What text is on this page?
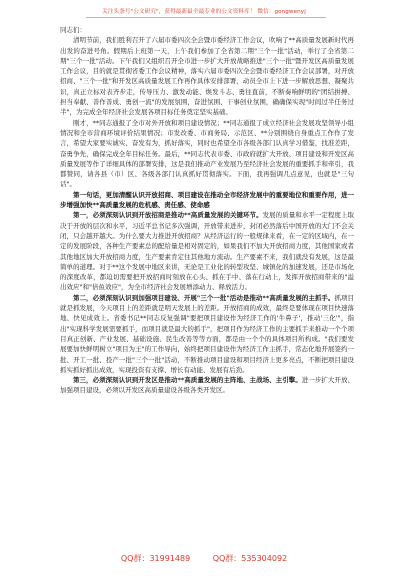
关注头条号"公文研究"，获得最新最全最专业的公文资料库！ 微信：gongwenyj

同志们：

清明节前，我们胜利召开了六届市委四次全会暨市委经济工作会议，吹响了**高质量发展新时代再出发的奋进号角。假期后上班第一天，上午我们参加了全省第二期"三个一批"活动，举行了全省第二期"三个一批"活动。下午我们又组织召开全市进一步扩大开放战略推进"三个一批"暨开发区高质量发展工作会议，目的就是贯彻省委工作会议精神，落实六届市委四次全会暨市委经济工作会议部署，对开放招商、"三个一批"和开发区高质量发展工作再作具体安排部署，动员全市上下进一步解放思想、凝聚共识，真正立标对表齐步走，传导压力、激发动能、焕发斗志、勇往直前，不断奏响鲜明的"团结拼搏、担当奉献、善作善成、勇创一流"的发展氛围，奋进氛围、干事创业氛围，确确保实现"时间过半任务过半"，为完成全年经济社会发展各项目标任务奠定坚实基础。

刚才，**同志通报了全市对外开放和项目建设情况；**同志通报了成立经济社会发展攻坚领导小组情况和全市营商环境评价结果情况；市发改委、市商务局、示范区、**分别围绕自身重点工作作了发言，希望大家要实诚实、奋发有为，抓好落实，同时也希望全市各级各部门认真学习借鉴，找准差距，奋勇争先，确保完成全年目标任务。最后，**同志代表市委、市政府就扩大开放、项目建设和开发区高质量发展等作了详细具体的部署安排，这是我们推动产业发展乃至经济社会发展的重要抓手和牵引，我都赞同，请各县（市）区、各级各部门认真抓好贯彻落实。下面，我再强调几点意见，也就是"三句话"。

第一句话，更加清醒认识开放招商、项目建设在推动全市经济发展中的重要地位和重要作用，进一步增强加快**高质量发展的危机感、责任感、使命感

第一，必须深刻认识到开放招商是推动**高质量发展的关键环节。发展的质量和水平一定程度上取决于开放的层次和水平，习近平总书记多次强调，开放带来进步，封闭必然落后中国开放的大门不会关闭，只会越开越大。为什么要大力推进开放招商？从经济运行的一般规律来看，在一定的区域内，在一定的发展阶段，各种生产要素总的配给量是相对固定的，如果我们不加大开放招商力度，其他国家或者其他地区加大开放招商力度，生产要素肯定往其他地方流动。生产要素不来，我们就没有发展，这是最简单的道理。对于**这个发展中地区来讲，无论是工业化的转型攻坚、城镇化的加速发展，还是市场化的深度改革，都迫切需要把开放招商时刻放在心头、抓在手中、落在行动上，发挥开放招商带来的"溢出效应"和"倍鱼效应"，为全市经济社会发展增添动力、释放活力。

第二，必须深刻认识到加强项目建设、开展"三个一批"活动是推动**高质量发展的主抓手。抓项目就是抓发展，今天项目上的差距就是明天发展上的差距。开放招商的成效，最终是要体现在项目快速落地、快见成效上。省委书记**同志反复强调"要把项目建设作为经济工作的'牛鼻子'，推动'三化'"，指出"实现科学发展需要抓手，而项目就是最大的抓手"，把项目作为经济工作的主要抓手来推动一个个项目真正创新、产业发展、基础设施、民生改善等等方面，都是由一个个的具体项目所构成。"我们要发展要加快鲜明树立"项目为王"的工作导向，始终把项目建设作为经济工作主抓手，常态化地开展签约一批、开工一批、投产一批"三个一批"活动，不断推动项目建设和项目经济上更多亮点，不断把项目建设抓实抓好抓出成效，实现投资有支撑、增长有动能、发展有后劲。

第三，必须深刻认识到开发区是推动**高质量发展的主阵地、主战场、主引擎。进一步扩大开放、加强项目建设，必须以开发区高质量建设各级各类开发区。

QQ群：31991489	QQ群：535304092
